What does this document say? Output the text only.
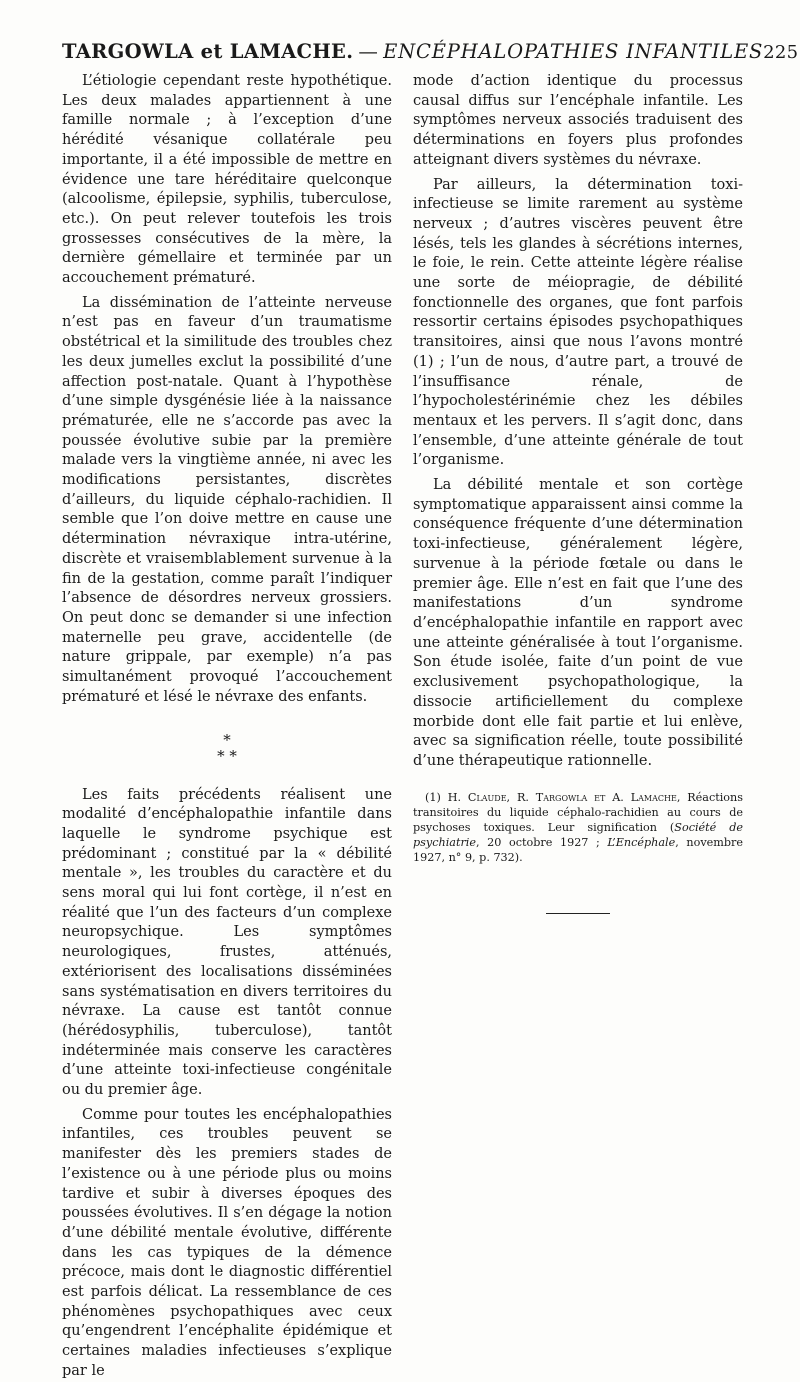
TARGOWLA et LAMACHE. — ENCÉPHALOPATHIES INFANTILES 225

L’étiologie cependant reste hypothétique. Les deux malades appartiennent à une famille normale ; à l’exception d’une hérédité vésanique collatérale peu importante, il a été impossible de mettre en évidence une tare héréditaire quelconque (alcoolisme, épilepsie, syphilis, tuberculose, etc.). On peut relever toutefois les trois grossesses consécutives de la mère, la dernière gémellaire et terminée par un accouchement prématuré.

La dissémination de l’atteinte nerveuse n’est pas en faveur d’un traumatisme obstétrical et la similitude des troubles chez les deux jumelles exclut la possibilité d’une affection post-natale. Quant à l’hypothèse d’une simple dysgénésie liée à la naissance prématurée, elle ne s’accorde pas avec la poussée évolutive subie par la première malade vers la vingtième année, ni avec les modifications persistantes, discrètes d’ailleurs, du liquide céphalo-rachidien. Il semble que l’on doive mettre en cause une détermination névraxique intra-utérine, discrète et vraisemblablement survenue à la fin de la gestation, comme paraît l’indiquer l’absence de désordres nerveux grossiers. On peut donc se demander si une infection maternelle peu grave, accidentelle (de nature grippale, par exemple) n’a pas simultanément provoqué l’accouchement prématuré et lésé le névraxe des enfants.

*
* *

Les faits précédents réalisent une modalité d’encéphalopathie infantile dans laquelle le syndrome psychique est prédominant ; constitué par la « débilité mentale », les troubles du caractère et du sens moral qui lui font cortège, il n’est en réalité que l’un des facteurs d’un complexe neuropsychique. Les symptômes neurologiques, frustes, atténués, extériorisent des localisations disséminées sans systématisation en divers territoires du névraxe. La cause est tantôt connue (hérédosyphilis, tuberculose), tantôt indéterminée mais conserve les caractères d’une atteinte toxi-infectieuse congénitale ou du premier âge.

Comme pour toutes les encéphalopathies infantiles, ces troubles peuvent se manifester dès les premiers stades de l’existence ou à une période plus ou moins tardive et subir à diverses époques des poussées évolutives. Il s’en dégage la notion d’une débilité mentale évolutive, différente dans les cas typiques de la démence précoce, mais dont le diagnostic différentiel est parfois délicat. La ressemblance de ces phénomènes psychopathiques avec ceux qu’engendrent l’encéphalite épidémique et certaines maladies infectieuses s’explique par le

mode d’action identique du processus causal diffus sur l’encéphale infantile. Les symptômes nerveux associés traduisent des déterminations en foyers plus profondes atteignant divers systèmes du névraxe.

Par ailleurs, la détermination toxi-infectieuse se limite rarement au système nerveux ; d’autres viscères peuvent être lésés, tels les glandes à sécrétions internes, le foie, le rein. Cette atteinte légère réalise une sorte de méiopragie, de débilité fonctionnelle des organes, que font parfois ressortir certains épisodes psychopathiques transitoires, ainsi que nous l’avons montré (1) ; l’un de nous, d’autre part, a trouvé de l’insuffisance rénale, de l’hypocholestérinémie chez les débiles mentaux et les pervers. Il s’agit donc, dans l’ensemble, d’une atteinte générale de tout l’organisme.

La débilité mentale et son cortège symptomatique apparaissent ainsi comme la conséquence fréquente d’une détermination toxi-infectieuse, généralement légère, survenue à la période fœtale ou dans le premier âge. Elle n’est en fait que l’une des manifestations d’un syndrome d’encéphalopathie infantile en rapport avec une atteinte généralisée à tout l’organisme. Son étude isolée, faite d’un point de vue exclusivement psychopathologique, la dissocie artificiellement du complexe morbide dont elle fait partie et lui enlève, avec sa signification réelle, toute possibilité d’une thérapeutique rationnelle.

(1) H. Claude, R. Targowla et A. Lamache, Réactions transitoires du liquide céphalo-rachidien au cours de psychoses toxiques. Leur signification (Société de psychiatrie, 20 octobre 1927 ; L’Encéphale, novembre 1927, n° 9, p. 732).
